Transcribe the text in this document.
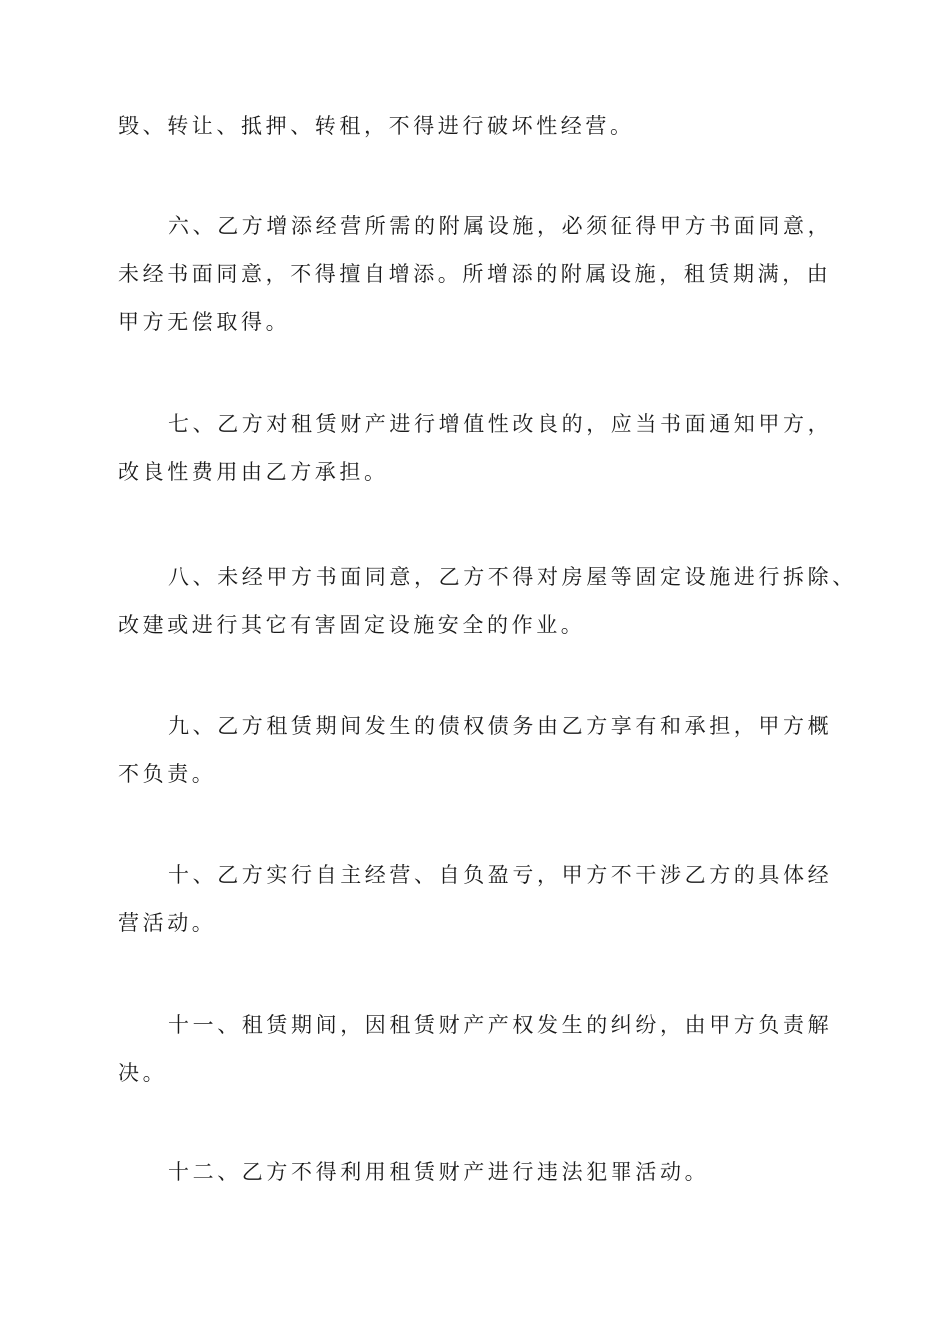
毁、转让、抵押、转租，不得进行破坏性经营。

六、乙方增添经营所需的附属设施，必须征得甲方书面同意，
未经书面同意，不得擅自增添。所增添的附属设施，租赁期满，由
甲方无偿取得。

七、乙方对租赁财产进行增值性改良的，应当书面通知甲方，
改良性费用由乙方承担。

八、未经甲方书面同意，乙方不得对房屋等固定设施进行拆除、
改建或进行其它有害固定设施安全的作业。

九、乙方租赁期间发生的债权债务由乙方享有和承担，甲方概
不负责。

十、乙方实行自主经营、自负盈亏，甲方不干涉乙方的具体经
营活动。

十一、租赁期间，因租赁财产产权发生的纠纷，由甲方负责解
决。

十二、乙方不得利用租赁财产进行违法犯罪活动。
